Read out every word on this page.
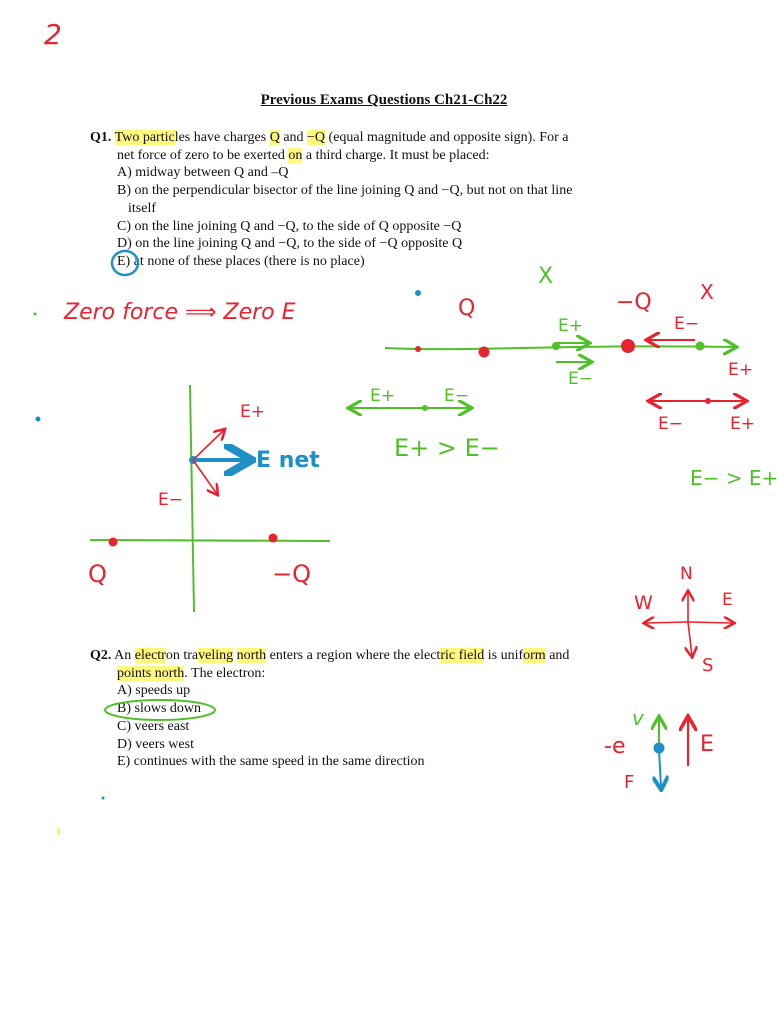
2
Previous Exams Questions Ch21-Ch22
Q1. Two particles have charges Q and −Q (equal magnitude and opposite sign). For a
net force of zero to be exerted on a third charge. It must be placed:
A) midway between Q and –Q
B) on the perpendicular bisector of the line joining Q and −Q, but not on that line
itself
C) on the line joining Q and −Q, to the side of Q opposite −Q
D) on the line joining Q and −Q, to the side of −Q opposite Q
E) at none of these places (there is no place)
Q2. An electron traveling north enters a region where the electric field is uniform and
points north. The electron:
A) speeds up
B) slows down
C) veers east
D) veers west
E) continues with the same speed in the same direction
Zero force ⟹ Zero E
X
X
Q	−Q
E+	E−
E−	E+
E+	E−
E−	E+
E+ > E−
E− > E+
E+
E−
E net
Q	−Q	N
W	E
S
-e
v
F
E
